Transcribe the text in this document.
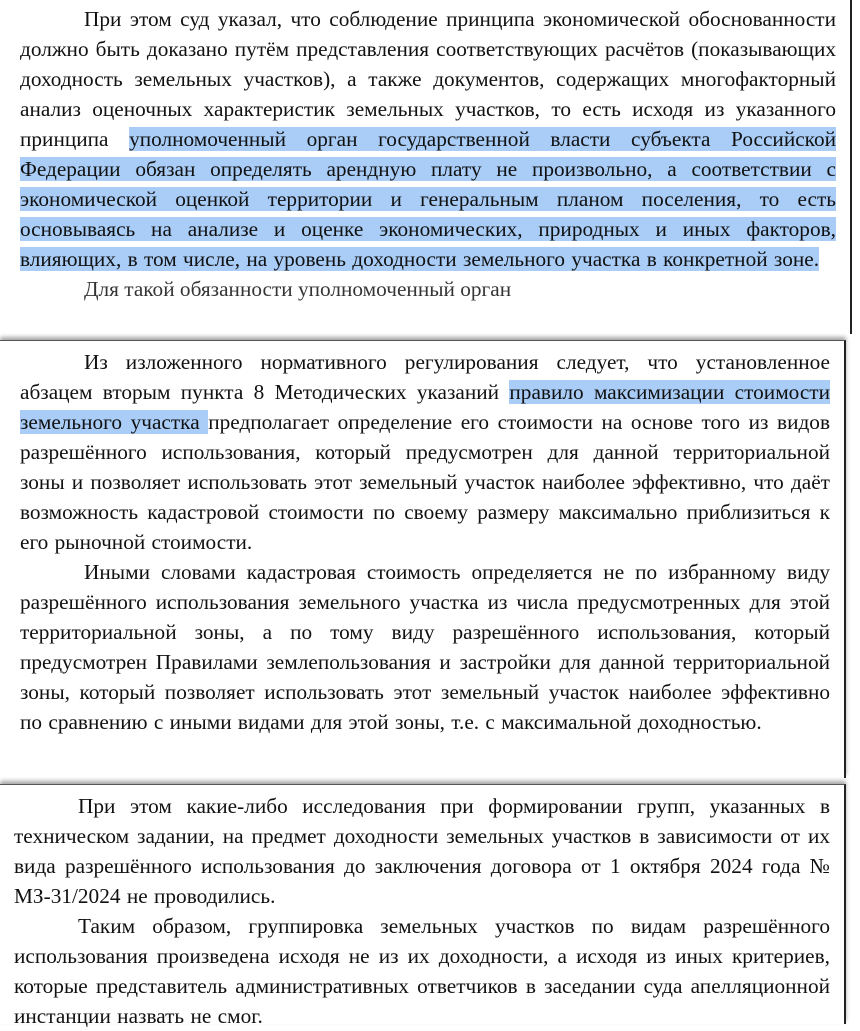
При этом суд указал, что соблюдение принципа экономической обоснованности должно быть доказано путём представления соответствующих расчётов (показывающих доходность земельных участков), а также документов, содержащих многофакторный анализ оценочных характеристик земельных участков, то есть исходя из указанного принципа уполномоченный орган государственной власти субъекта Российской Федерации обязан определять арендную плату не произвольно, а соответствии с экономической оценкой территории и генеральным планом поселения, то есть основываясь на анализе и оценке экономических, природных и иных факторов, влияющих, в том числе, на уровень доходности земельного участка в конкретной зоне.

Для такой обязанности уполномоченный орган

Из изложенного нормативного регулирования следует, что установленное абзацем вторым пункта 8 Методических указаний правило максимизации стоимости земельного участка предполагает определение его стоимости на основе того из видов разрешённого использования, который предусмотрен для данной территориальной зоны и позволяет использовать этот земельный участок наиболее эффективно, что даёт возможность кадастровой стоимости по своему размеру максимально приблизиться к его рыночной стоимости.

Иными словами кадастровая стоимость определяется не по избранному виду разрешённого использования земельного участка из числа предусмотренных для этой территориальной зоны, а по тому виду разрешённого использования, который предусмотрен Правилами землепользования и застройки для данной территориальной зоны, который позволяет использовать этот земельный участок наиболее эффективно по сравнению с иными видами для этой зоны, т.е. с максимальной доходностью.

При этом какие-либо исследования при формировании групп, указанных в техническом задании, на предмет доходности земельных участков в зависимости от их вида разрешённого использования до заключения договора от 1 октября 2024 года № МЗ-31/2024 не проводились.

Таким образом, группировка земельных участков по видам разрешённого использования произведена исходя не из их доходности, а исходя из иных критериев, которые представитель административных ответчиков в заседании суда апелляционной инстанции назвать не смог.
